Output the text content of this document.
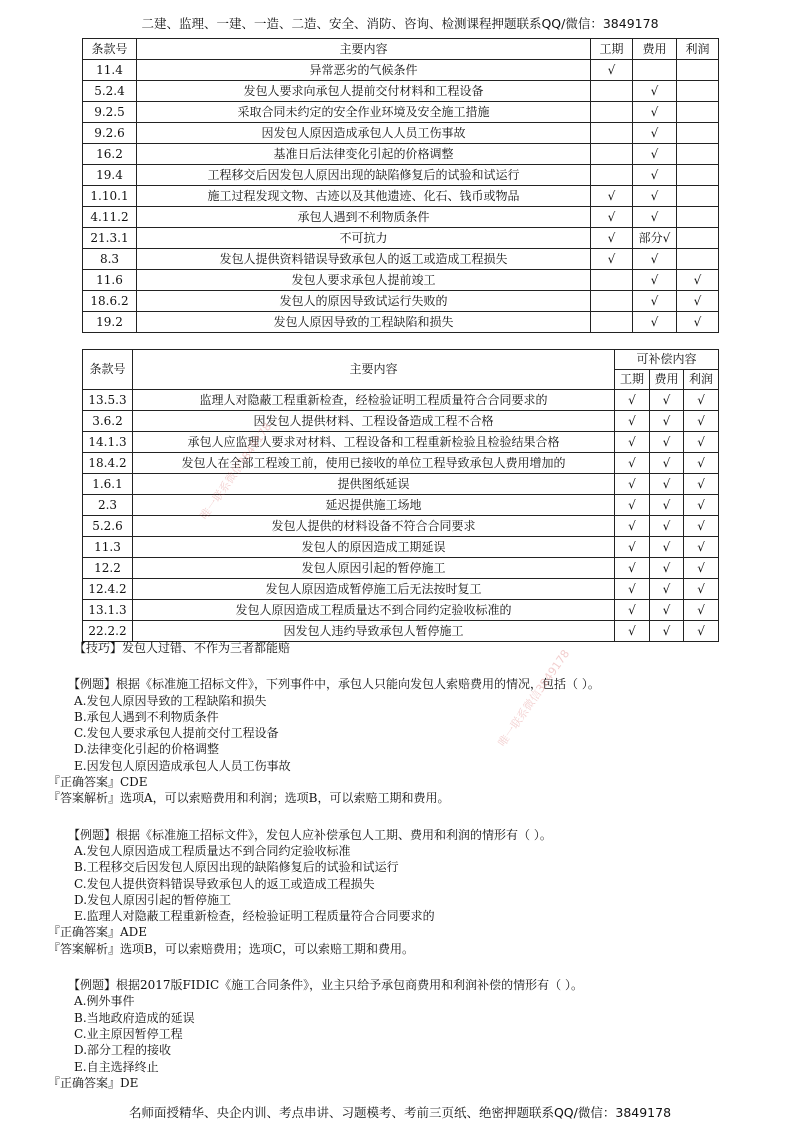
二建、监理、一建、一造、二造、安全、消防、咨询、检测课程押题联系QQ/微信：3849178
条款号	主要内容	工期	费用	利润
11.4	异常恶劣的气候条件	√		
5.2.4	发包人要求向承包人提前交付材料和工程设备		√	
9.2.5	采取合同未约定的安全作业环境及安全施工措施		√	
9.2.6	因发包人原因造成承包人人员工伤事故		√	
16.2	基准日后法律变化引起的价格调整		√	
19.4	工程移交后因发包人原因出现的缺陷修复后的试验和试运行		√	
1.10.1	施工过程发现文物、古迹以及其他遗迹、化石、钱币或物品	√	√	
4.11.2	承包人遇到不利物质条件	√	√	
21.3.1	不可抗力	√	部分√	
8.3	发包人提供资料错误导致承包人的返工或造成工程损失	√	√	
11.6	发包人要求承包人提前竣工		√	√
18.6.2	发包人的原因导致试运行失败的		√	√
19.2	发包人原因导致的工程缺陷和损失		√	√
条款号	主要内容	可补偿内容		
		工期	费用	利润
13.5.3	监理人对隐蔽工程重新检查，经检验证明工程质量符合合同要求的	√	√	√
3.6.2	因发包人提供材料、工程设备造成工程不合格	√	√	√
14.1.3	承包人应监理人要求对材料、工程设备和工程重新检验且检验结果合格	√	√	√
18.4.2	发包人在全部工程竣工前，使用已接收的单位工程导致承包人费用增加的	√	√	√
1.6.1	提供图纸延误	√	√	√
2.3	延迟提供施工场地	√	√	√
5.2.6	发包人提供的材料设备不符合合同要求	√	√	√
11.3	发包人的原因造成工期延误	√	√	√
12.2	发包人原因引起的暂停施工	√	√	√
12.4.2	发包人原因造成暂停施工后无法按时复工	√	√	√
13.1.3	发包人原因造成工程质量达不到合同约定验收标准的	√	√	√
22.2.2	因发包人违约导致承包人暂停施工	√	√	√

【技巧】发包人过错、不作为三者都能赔

【例题】根据《标准施工招标文件》，下列事件中，承包人只能向发包人索赔费用的情况，包括（ ）。

A.发包人原因导致的工程缺陷和损失

B.承包人遇到不利物质条件

C.发包人要求承包人提前交付工程设备

D.法律变化引起的价格调整

E.因发包人原因造成承包人人员工伤事故

『正确答案』CDE

『答案解析』选项A，可以索赔费用和利润；选项B，可以索赔工期和费用。

【例题】根据《标准施工招标文件》，发包人应补偿承包人工期、费用和利润的情形有（ ）。

A.发包人原因造成工程质量达不到合同约定验收标准

B.工程移交后因发包人原因出现的缺陷修复后的试验和试运行

C.发包人提供资料错误导致承包人的返工或造成工程损失

D.发包人原因引起的暂停施工

E.监理人对隐蔽工程重新检查，经检验证明工程质量符合合同要求的

『正确答案』ADE

『答案解析』选项B，可以索赔费用；选项C，可以索赔工期和费用。

【例题】根据2017版FIDIC《施工合同条件》，业主只给予承包商费用和利润补偿的情形有（ ）。

A.例外事件

B.当地政府造成的延误

C.业主原因暂停工程

D.部分工程的接收

E.自主选择终止

『正确答案』DE

名师面授精华、央企内训、考点串讲、习题模考、考前三页纸、绝密押题联系QQ/微信：3849178
唯一联系微信3849178
唯一联系微信3849178
